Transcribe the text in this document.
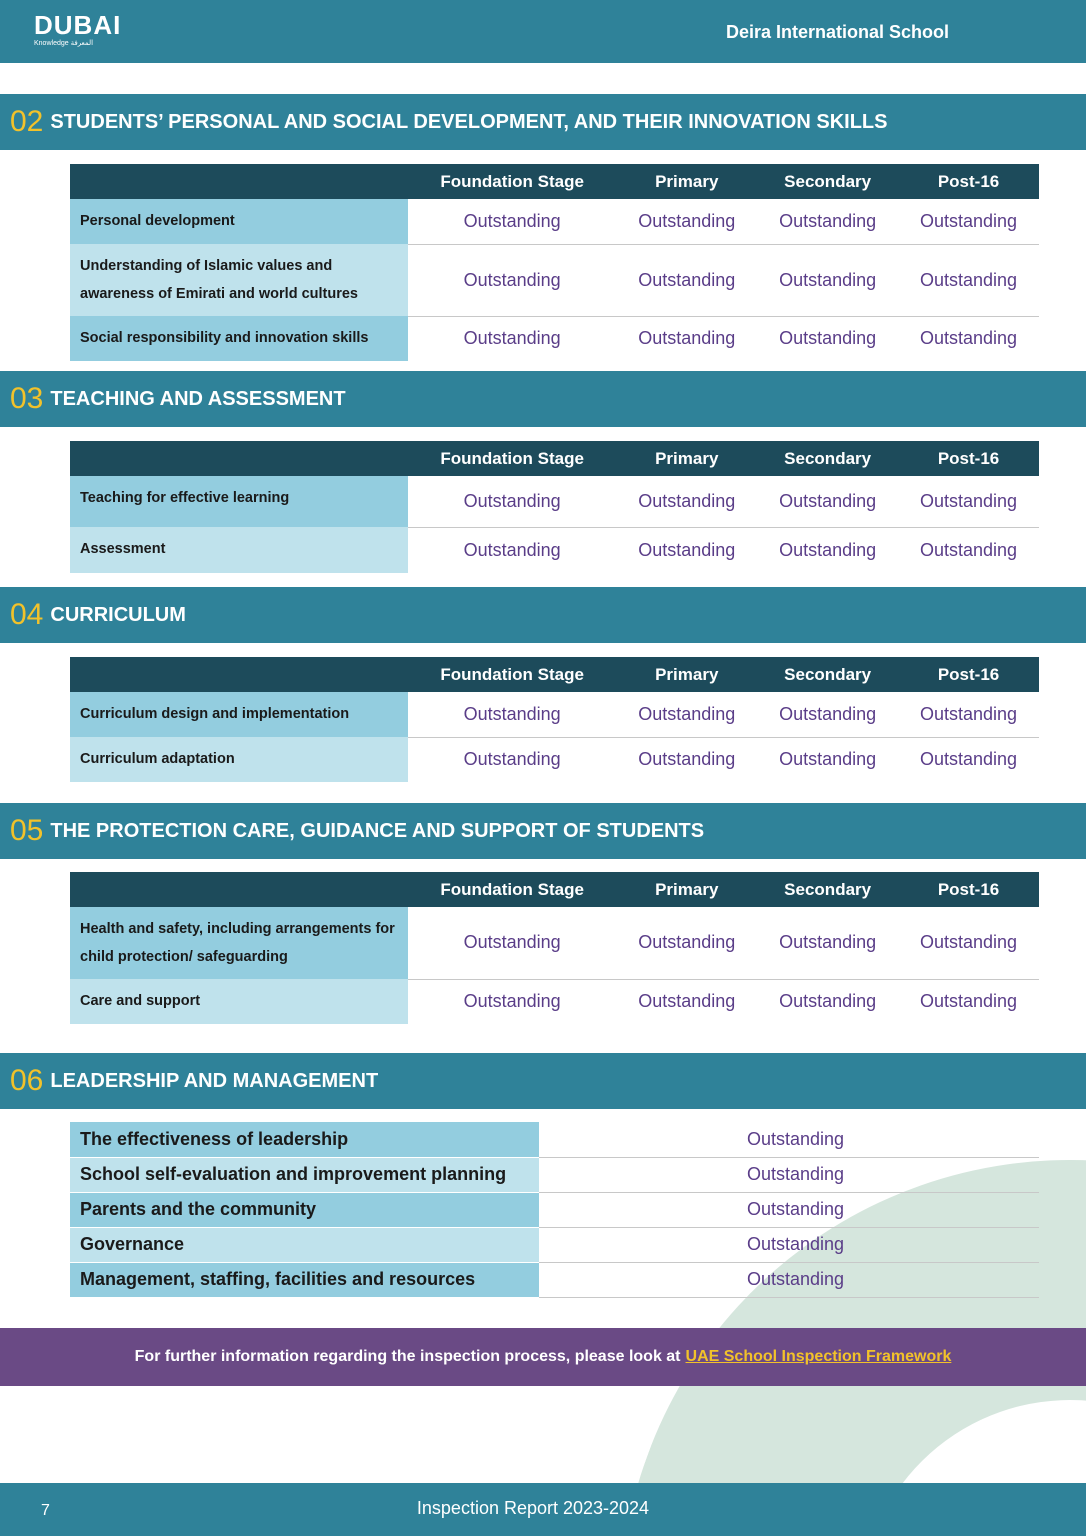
DUBAI
Knowledge المعرفة
Deira International School
02 STUDENTS’ PERSONAL AND SOCIAL DEVELOPMENT, AND THEIR INNOVATION SKILLS
	Foundation Stage	Primary	Secondary	Post-16
Personal development	Outstanding	Outstanding	Outstanding	Outstanding
Understanding of Islamic values and awareness of Emirati and world cultures	Outstanding	Outstanding	Outstanding	Outstanding
Social responsibility and innovation skills	Outstanding	Outstanding	Outstanding	Outstanding
03 TEACHING AND ASSESSMENT
	Foundation Stage	Primary	Secondary	Post-16
Teaching for effective learning	Outstanding	Outstanding	Outstanding	Outstanding
Assessment	Outstanding	Outstanding	Outstanding	Outstanding
04 CURRICULUM
	Foundation Stage	Primary	Secondary	Post-16
Curriculum design and implementation	Outstanding	Outstanding	Outstanding	Outstanding
Curriculum adaptation	Outstanding	Outstanding	Outstanding	Outstanding
05 THE PROTECTION CARE, GUIDANCE AND SUPPORT OF STUDENTS
	Foundation Stage	Primary	Secondary	Post-16
Health and safety, including arrangements for child protection/ safeguarding	Outstanding	Outstanding	Outstanding	Outstanding
Care and support	Outstanding	Outstanding	Outstanding	Outstanding
06 LEADERSHIP AND MANAGEMENT
The effectiveness of leadership	Outstanding
School self-evaluation and improvement planning	Outstanding
Parents and the community	Outstanding
Governance	Outstanding
Management, staffing, facilities and resources	Outstanding
For further information regarding the inspection process, please look at UAE School Inspection Framework
7	Inspection Report 2023-2024
